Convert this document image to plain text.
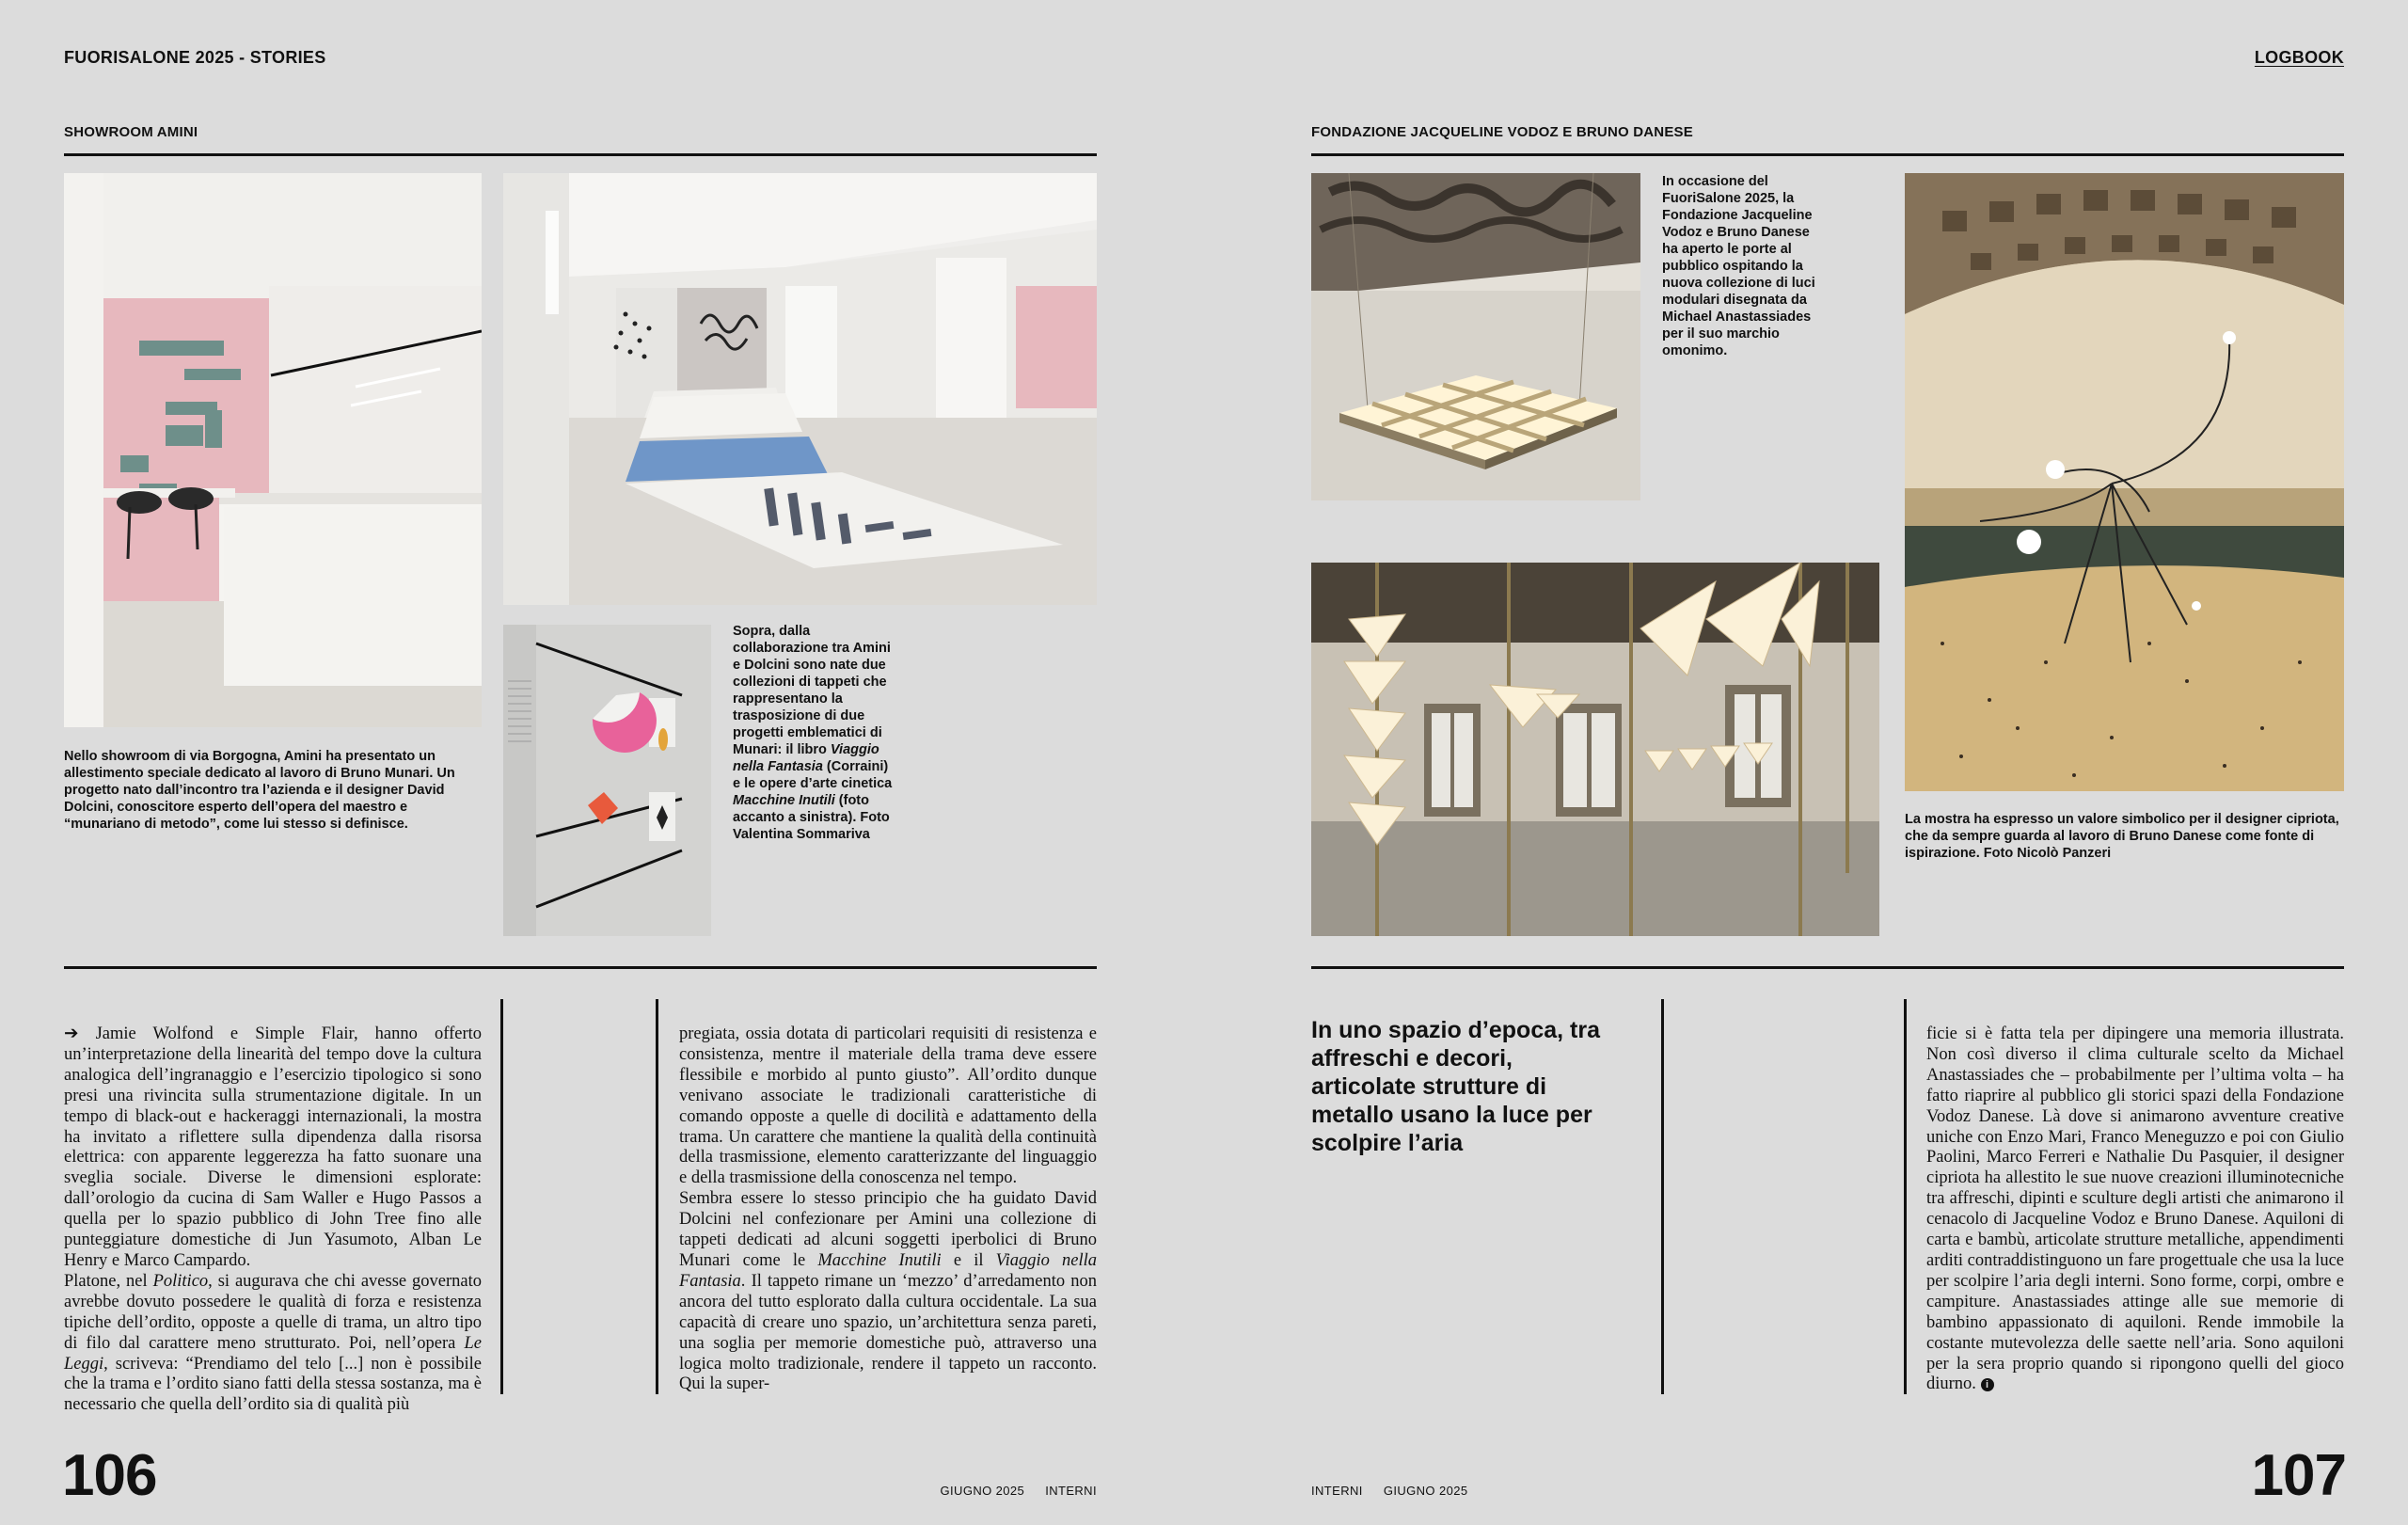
FUORISALONE 2025 - STORIES	LOGBOOK
SHOWROOM AMINI
Nello showroom di via Borgogna, Amini ha presentato un allestimento speciale dedicato al lavoro di Bruno Munari. Un progetto nato dall’incontro tra l’azienda e il designer David Dolcini, conoscitore esperto dell’opera del maestro e “munariano di metodo”, come lui stesso si definisce.
Sopra, dalla collaborazione tra Amini e Dolcini sono nate due collezioni di tappeti che rappresentano la trasposizione di due progetti emblematici di Munari: il libro Viaggio nella Fantasia (Corraini) e le opere d’arte cinetica Macchine Inutili (foto accanto a sinistra). Foto Valentina Sommariva

➔ Jamie Wolfond e Simple Flair, hanno offerto un’interpretazione della linearità del tempo dove la cultura analogica dell’ingranaggio e l’esercizio tipologico si sono presi una rivincita sulla strumentazione digitale. In un tempo di black-out e hackeraggi internazionali, la mostra ha invitato a riflettere sulla dipendenza dalla risorsa elettrica: con apparente leggerezza ha fatto suonare una sveglia sociale. Diverse le dimensioni esplorate: dall’orologio da cucina di Sam Waller e Hugo Passos a quella per lo spazio pubblico di John Tree fino alle punteggiature domestiche di Jun Yasumoto, Alban Le Henry e Marco Campardo.

Platone, nel Politico, si augurava che chi avesse governato avrebbe dovuto possedere le qualità di forza e resistenza tipiche dell’ordito, opposte a quelle di trama, un altro tipo di filo dal carattere meno strutturato. Poi, nell’opera Le Leggi, scriveva: “Prendiamo del telo [...] non è possibile che la trama e l’ordito siano fatti della stessa sostanza, ma è necessario che quella dell’ordito sia di qualità più

pregiata, ossia dotata di particolari requisiti di resistenza e consistenza, mentre il materiale della trama deve essere flessibile e morbido al punto giusto”. All’ordito dunque venivano associate le tradizionali caratteristiche di comando opposte a quelle di docilità e adattamento della trama. Un carattere che mantiene la qualità della continuità della trasmissione, elemento caratterizzante del linguaggio e della trasmissione della conoscenza nel tempo.

Sembra essere lo stesso principio che ha guidato David Dolcini nel confezionare per Amini una collezione di tappeti dedicati ad alcuni soggetti iperbolici di Bruno Munari come le Macchine Inutili e il Viaggio nella Fantasia. Il tappeto rimane un ‘mezzo’ d’arredamento non ancora del tutto esplorato dalla cultura occidentale. La sua capacità di creare uno spazio, un’architettura senza pareti, una soglia per memorie domestiche può, attraverso una logica molto tradizionale, rendere il tappeto un racconto. Qui la super-

106	GIUGNO 2025 INTERNI
FONDAZIONE JACQUELINE VODOZ E BRUNO DANESE
In occasione del FuoriSalone 2025, la Fondazione Jacqueline Vodoz e Bruno Danese ha aperto le porte al pubblico ospitando la nuova collezione di luci modulari disegnata da Michael Anastassiades per il suo marchio omonimo.
La mostra ha espresso un valore simbolico per il designer cipriota, che da sempre guarda al lavoro di Bruno Danese come fonte di ispirazione. Foto Nicolò Panzeri
In uno spazio d’epoca, tra affreschi e decori, articolate strutture di metallo usano la luce per scolpire l’aria

ficie si è fatta tela per dipingere una memoria illustrata. Non così diverso il clima culturale scelto da Michael Anastassiades che – probabilmente per l’ultima volta – ha fatto riaprire al pubblico gli storici spazi della Fondazione Vodoz Danese. Là dove si animarono avventure creative uniche con Enzo Mari, Franco Meneguzzo e poi con Giulio Paolini, Marco Ferreri e Nathalie Du Pasquier, il designer cipriota ha allestito le sue nuove creazioni illuminotecniche tra affreschi, dipinti e sculture degli artisti che animarono il cenacolo di Jacqueline Vodoz e Bruno Danese. Aquiloni di carta e bambù, articolate strutture metalliche, appendimenti arditi contraddistinguono un fare progettuale che usa la luce per scolpire l’aria degli interni. Sono forme, corpi, ombre e campiture. Anastassiades attinge alle sue memorie di bambino appassionato di aquiloni. Rende immobile la costante mutevolezza delle saette nell’aria. Sono aquiloni per la sera proprio quando si ripongono quelli del gioco diurno. i

INTERNI GIUGNO 2025	107
